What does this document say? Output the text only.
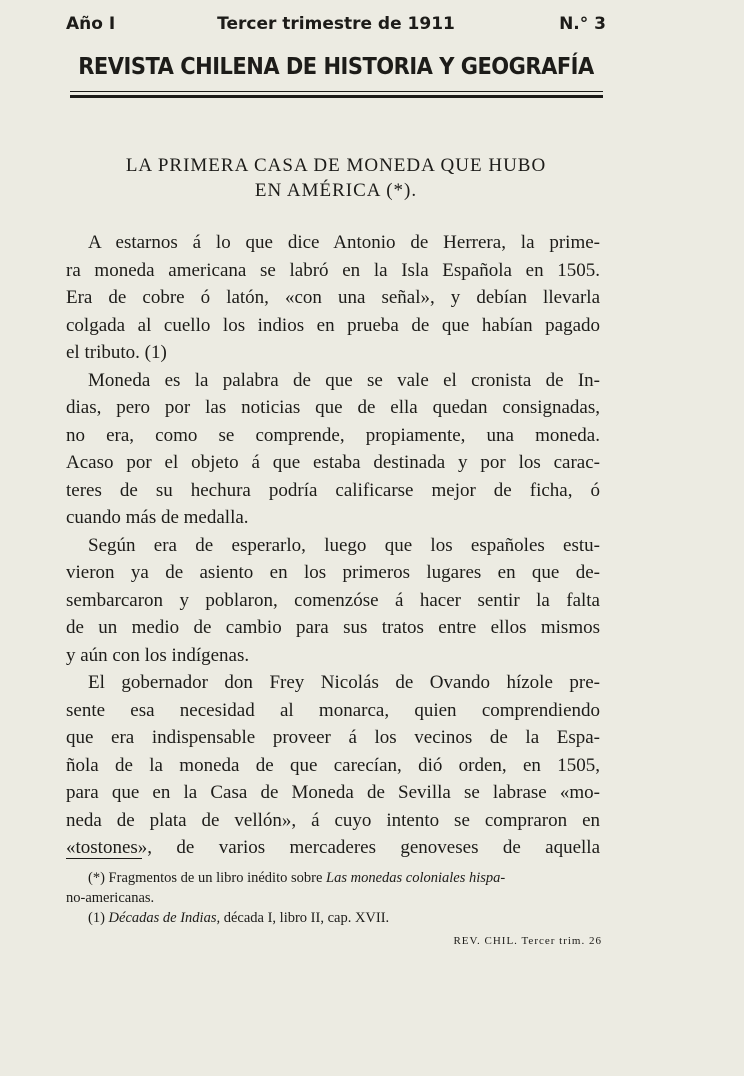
Año I	Tercer trimestre de 1911	N.° 3
REVISTA CHILENA DE HISTORIA Y GEOGRAFÍA
LA PRIMERA CASA DE MONEDA QUE HUBO
EN AMÉRICA (*).
A estarnos á lo que dice Antonio de Herrera, la prime-
ra moneda americana se labró en la Isla Española en 1505.
Era de cobre ó latón, «con una señal», y debían llevarla
colgada al cuello los indios en prueba de que habían pagado
el tributo. (1)
Moneda es la palabra de que se vale el cronista de In-
dias, pero por las noticias que de ella quedan consignadas,
no era, como se comprende, propiamente, una moneda.
Acaso por el objeto á que estaba destinada y por los carac-
teres de su hechura podría calificarse mejor de ficha, ó
cuando más de medalla.
Según era de esperarlo, luego que los españoles estu-
vieron ya de asiento en los primeros lugares en que de-
sembarcaron y poblaron, comenzóse á hacer sentir la falta
de un medio de cambio para sus tratos entre ellos mismos
y aún con los indígenas.
El gobernador don Frey Nicolás de Ovando hízole pre-
sente esa necesidad al monarca, quien comprendiendo
que era indispensable proveer á los vecinos de la Espa-
ñola de la moneda de que carecían, dió orden, en 1505,
para que en la Casa de Moneda de Sevilla se labrase «mo-
neda de plata de vellón», á cuyo intento se compraron en
«tostones», de varios mercaderes genoveses de aquella
(*) Fragmentos de un libro inédito sobre Las monedas coloniales hispa-
no-americanas.
(1) Décadas de Indias, década I, libro II, cap. XVII.
REV. CHIL. Tercer trim. 26
